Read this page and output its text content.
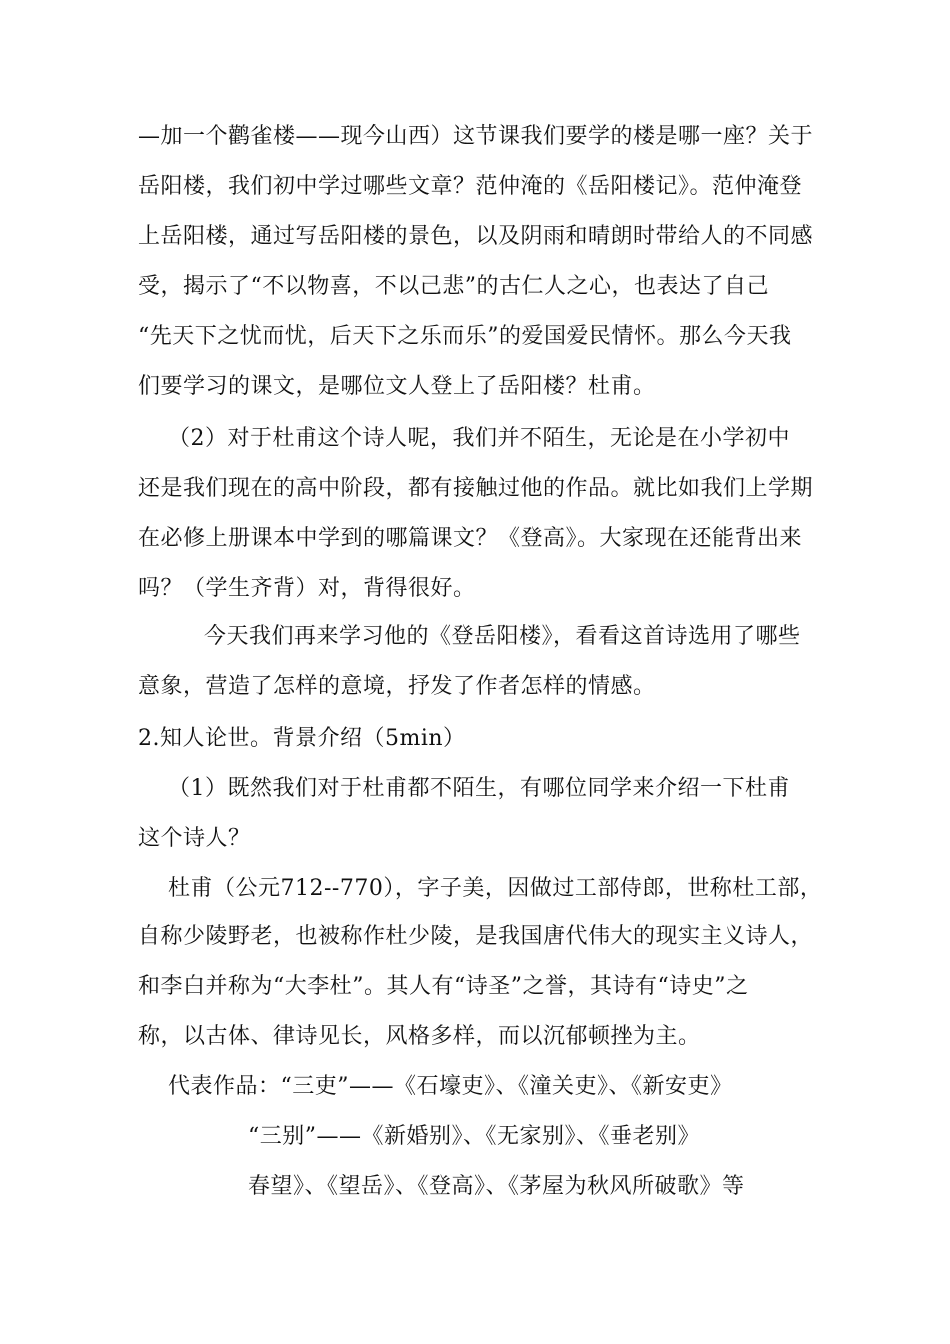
—加一个鹳雀楼——现今山西）这节课我们要学的楼是哪一座？关于
岳阳楼，我们初中学过哪些文章？范仲淹的《岳阳楼记》。范仲淹登
上岳阳楼，通过写岳阳楼的景色，以及阴雨和晴朗时带给人的不同感
受，揭示了“不以物喜，不以己悲”的古仁人之心，也表达了自己
“先天下之忧而忧，后天下之乐而乐”的爱国爱民情怀。那么今天我
们要学习的课文，是哪位文人登上了岳阳楼？杜甫。
（2）对于杜甫这个诗人呢，我们并不陌生，无论是在小学初中
还是我们现在的高中阶段，都有接触过他的作品。就比如我们上学期
在必修上册课本中学到的哪篇课文？《登高》。大家现在还能背出来
吗？（学生齐背）对，背得很好。
今天我们再来学习他的《登岳阳楼》，看看这首诗选用了哪些
意象，营造了怎样的意境，抒发了作者怎样的情感。
2.知人论世。背景介绍（5min）
（1）既然我们对于杜甫都不陌生，有哪位同学来介绍一下杜甫
这个诗人？
杜甫（公元712--770），字子美，因做过工部侍郎，世称杜工部，
自称少陵野老，也被称作杜少陵，是我国唐代伟大的现实主义诗人，
和李白并称为“大李杜”。其人有“诗圣”之誉，其诗有“诗史”之
称，以古体、律诗见长，风格多样，而以沉郁顿挫为主。
代表作品：“三吏”——《石壕吏》、《潼关吏》、《新安吏》
“三别”——《新婚别》、《无家别》、《垂老别》
春望》、《望岳》、《登高》、《茅屋为秋风所破歌》等
